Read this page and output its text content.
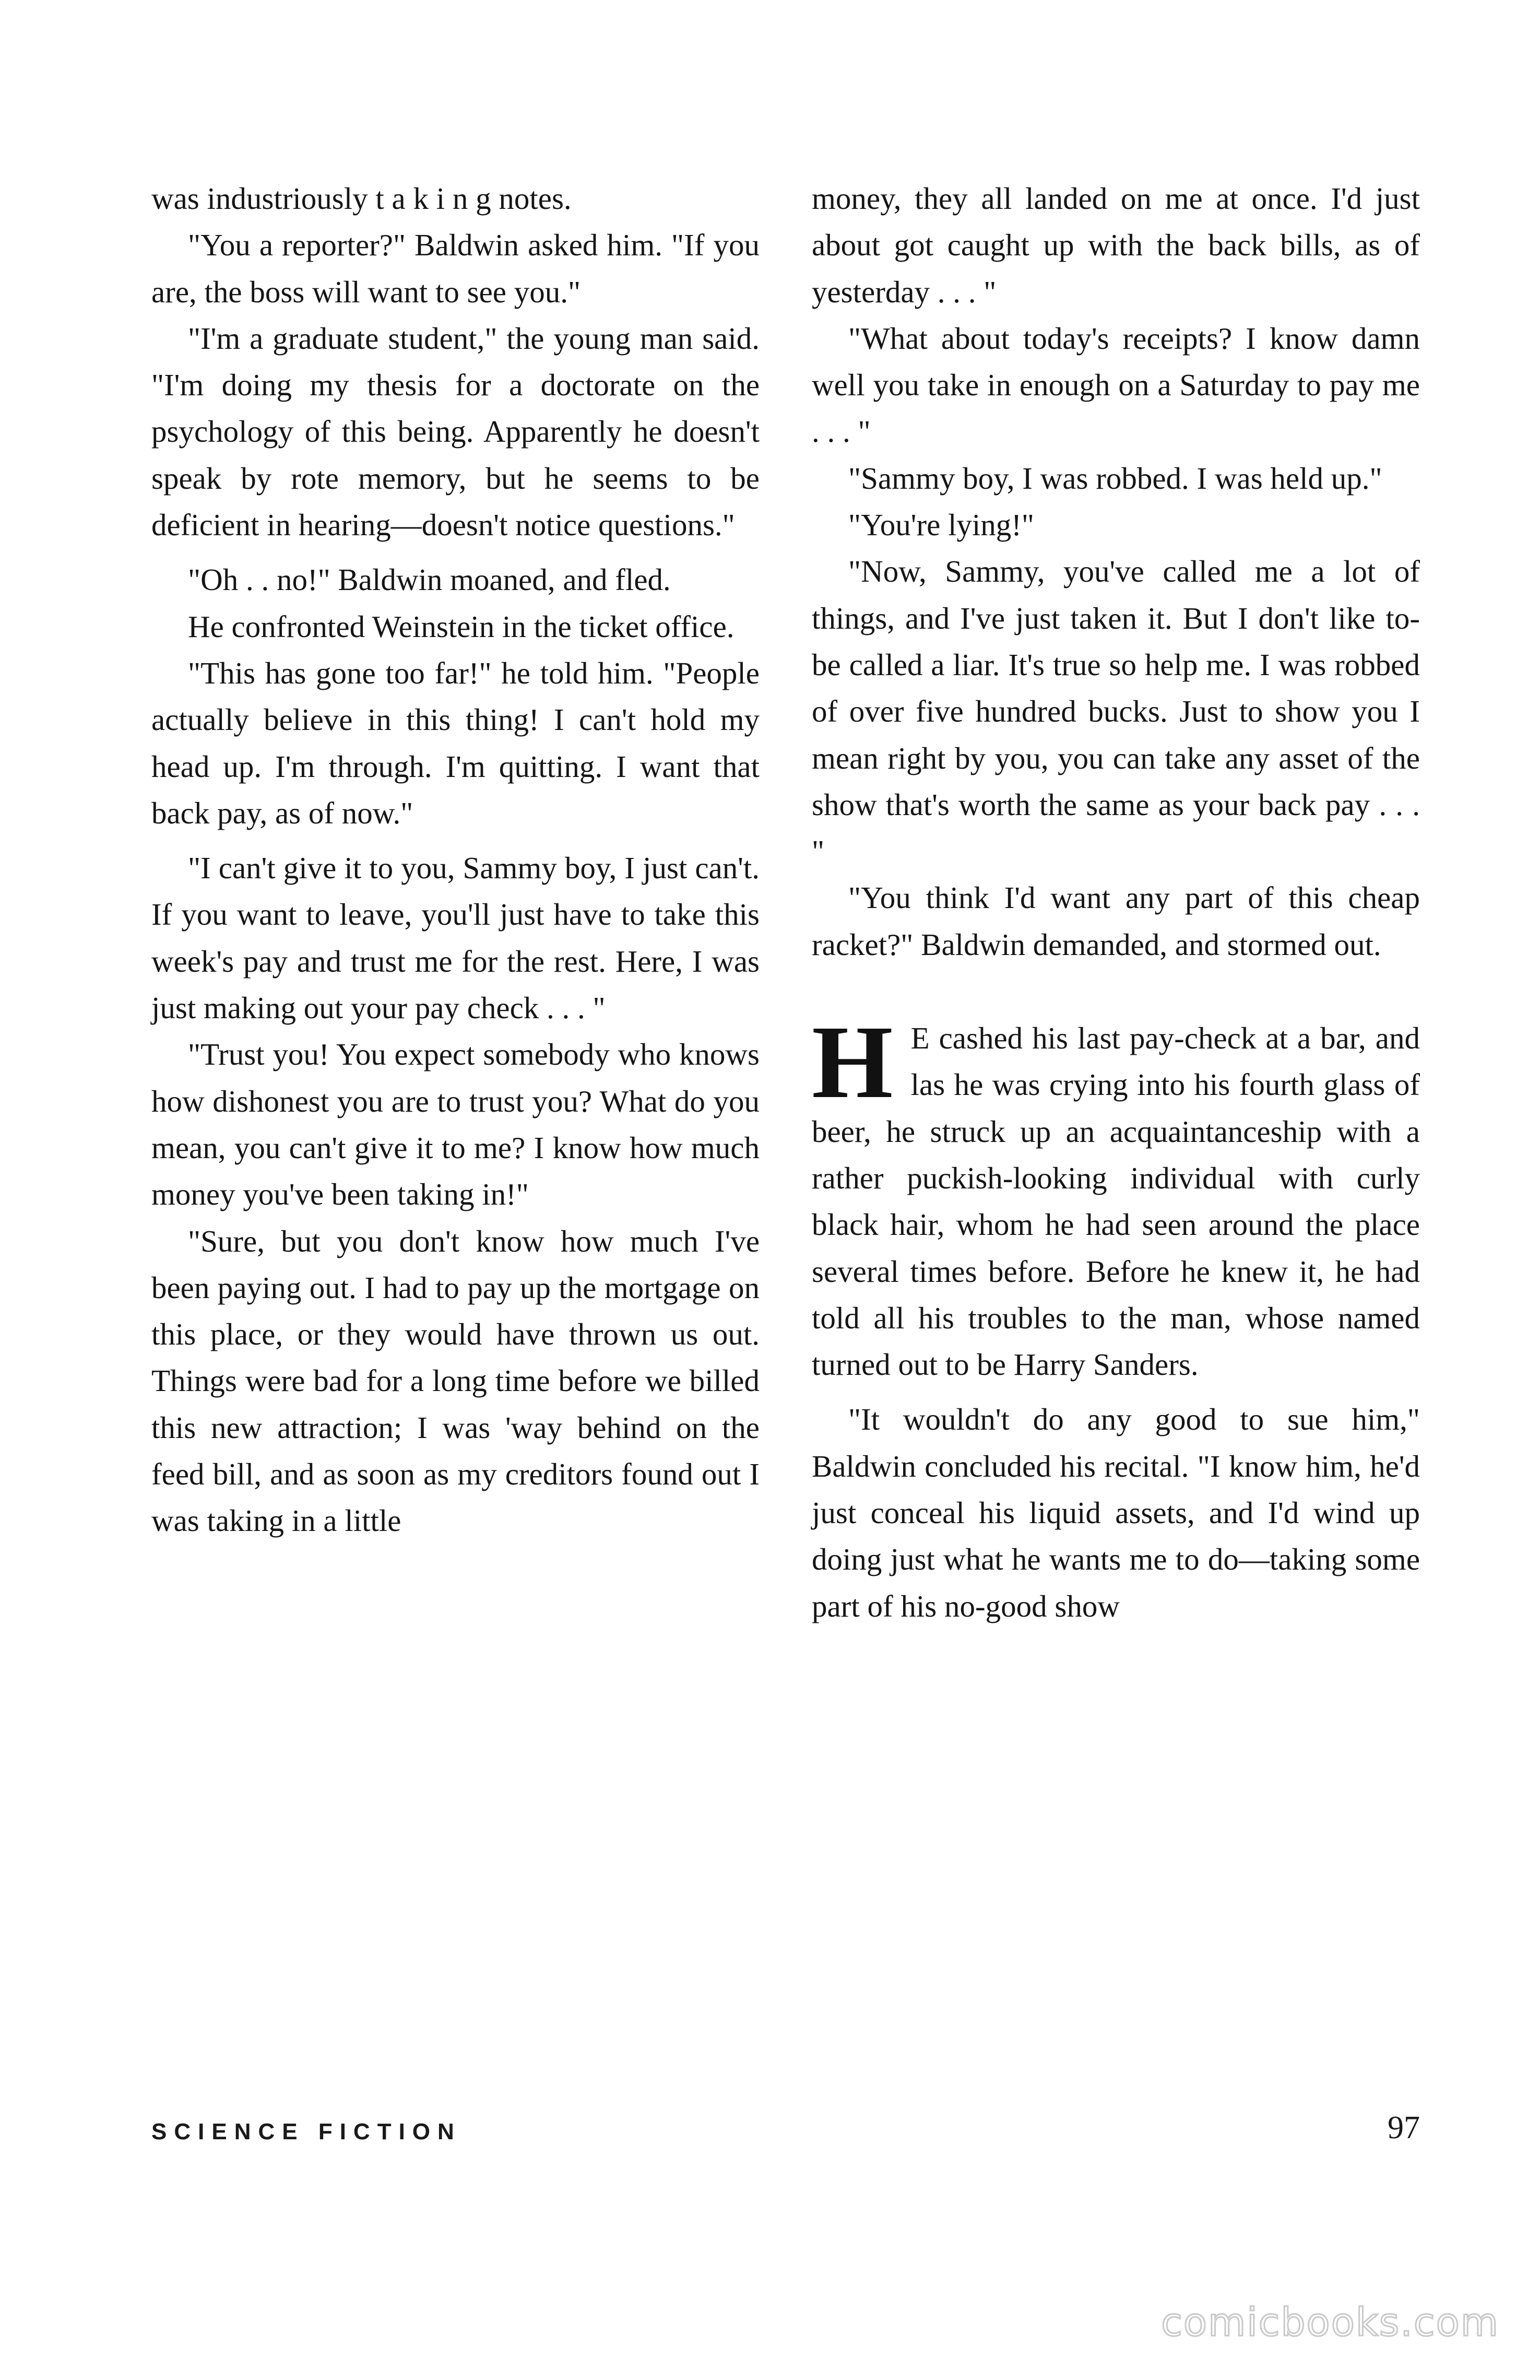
was industriously t a k i n g notes.

"You a reporter?" Baldwin asked him. "If you are, the boss will want to see you."

"I'm a graduate student," the young man said. "I'm doing my thesis for a doctorate on the psychology of this being. Apparently he doesn't speak by rote memory, but he seems to be deficient in hearing—doesn't notice questions."

"Oh . . no!" Baldwin moaned, and fled.

He confronted Weinstein in the ticket office.

"This has gone too far!" he told him. "People actually believe in this thing! I can't hold my head up. I'm through. I'm quitting. I want that back pay, as of now."

"I can't give it to you, Sammy boy, I just can't. If you want to leave, you'll just have to take this week's pay and trust me for the rest. Here, I was just making out your pay check . . . "

"Trust you! You expect somebody who knows how dishonest you are to trust you? What do you mean, you can't give it to me? I know how much money you've been taking in!"

"Sure, but you don't know how much I've been paying out. I had to pay up the mortgage on this place, or they would have thrown us out. Things were bad for a long time before we billed this new attraction; I was 'way behind on the feed bill, and as soon as my creditors found out I was taking in a little

money, they all landed on me at once. I'd just about got caught up with the back bills, as of yesterday . . . "

"What about today's receipts? I know damn well you take in enough on a Saturday to pay me . . . "

"Sammy boy, I was robbed. I was held up."

"You're lying!"

"Now, Sammy, you've called me a lot of things, and I've just taken it. But I don't like to- be called a liar. It's true so help me. I was robbed of over five hundred bucks. Just to show you I mean right by you, you can take any asset of the show that's worth the same as your back pay . . . "

"You think I'd want any part of this cheap racket?" Baldwin demanded, and stormed out.

H E cashed his last pay-check at a bar, and las he was crying into his fourth glass of beer, he struck up an acquaintanceship with a rather puckish-looking individual with curly black hair, whom he had seen around the place several times before. Before he knew it, he had told all his troubles to the man, whose named turned out to be Harry Sanders.

"It wouldn't do any good to sue him," Baldwin concluded his recital. "I know him, he'd just conceal his liquid assets, and I'd wind up doing just what he wants me to do—taking some part of his no-good show

SCIENCE FICTION	97
comicbooks.com
